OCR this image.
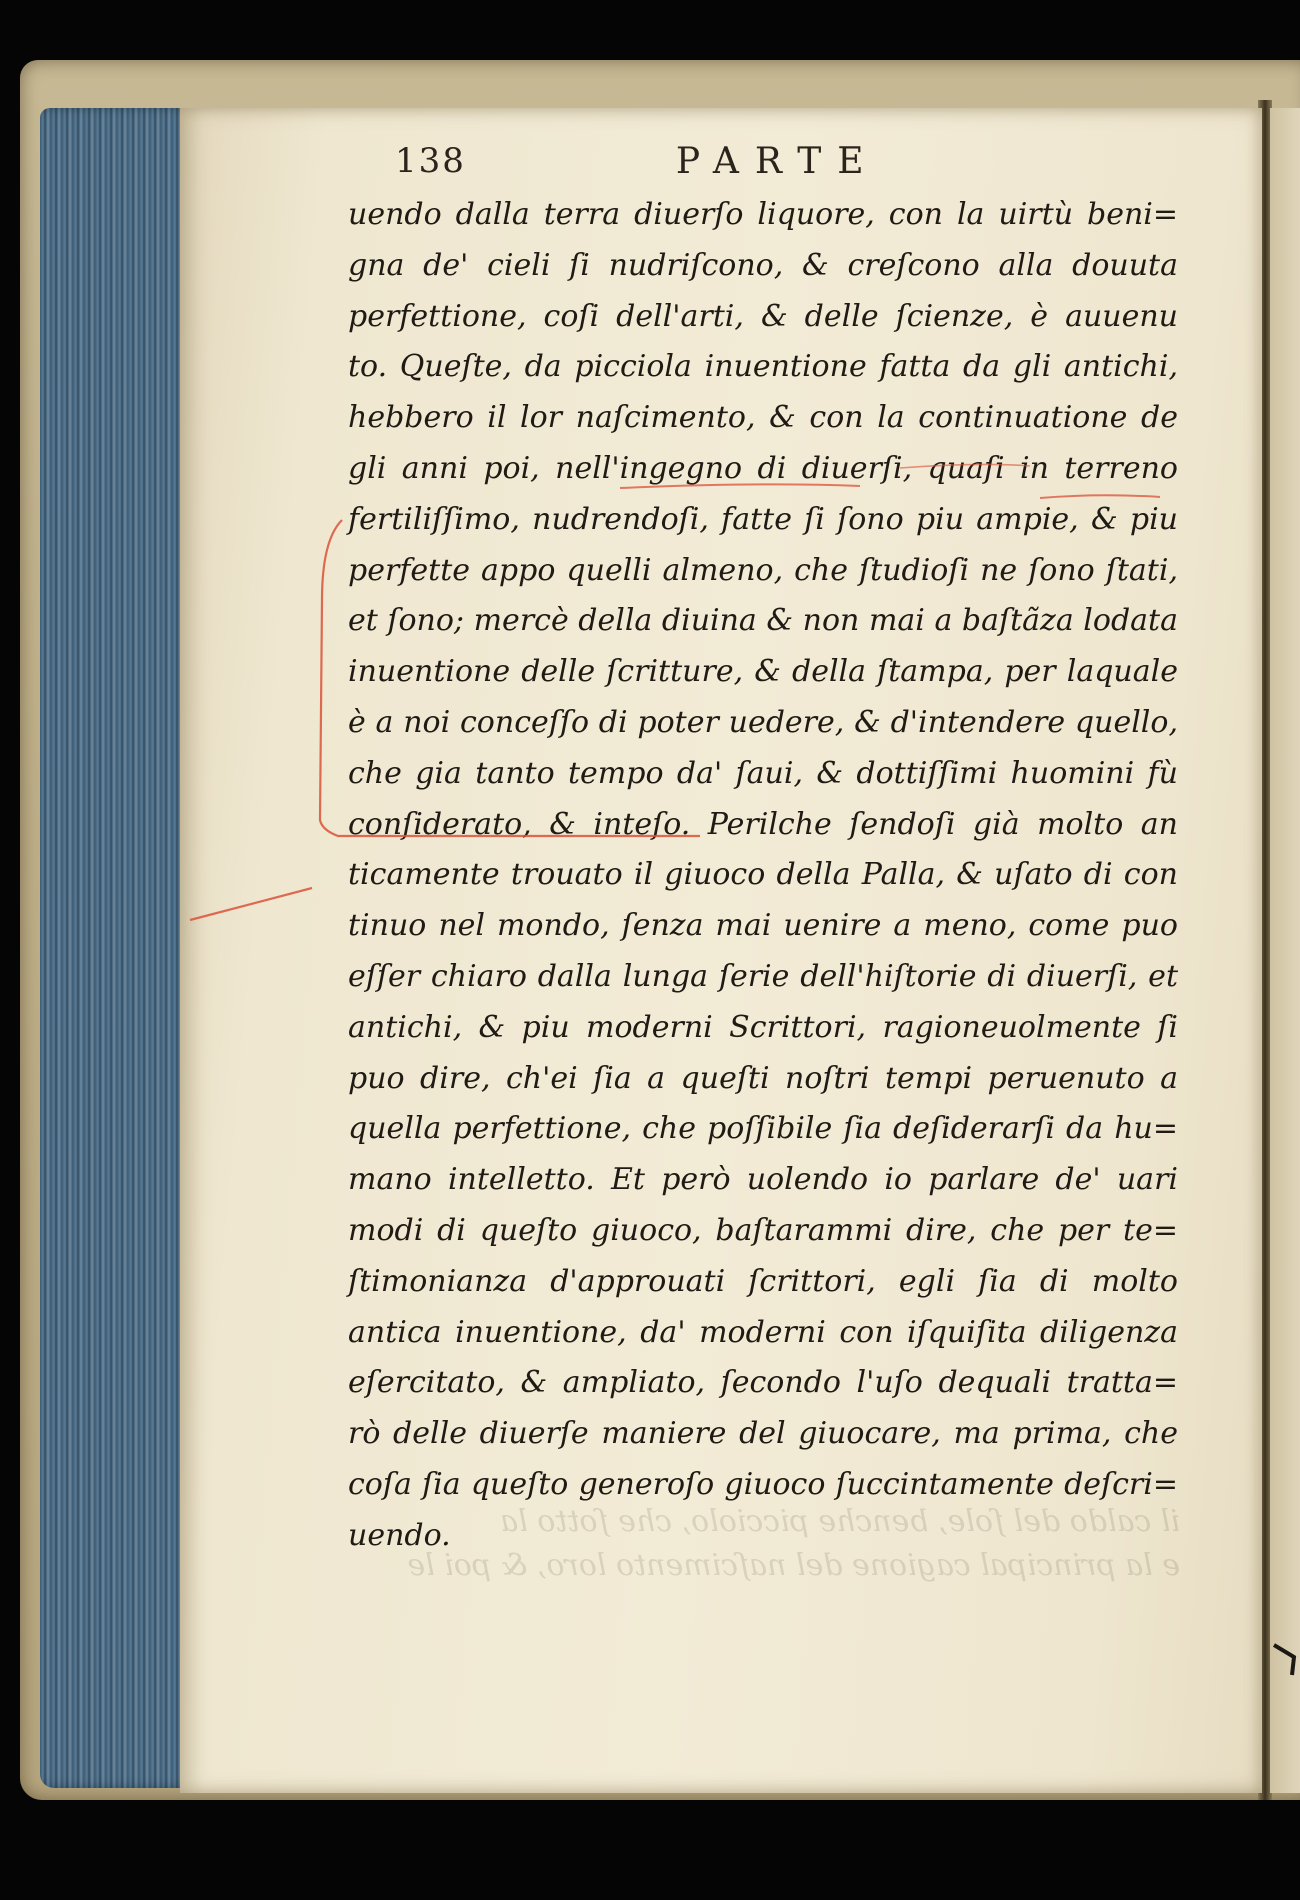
il caldo del ſole, benche picciolo, che ſotto la
e la principal cagione del naſcimento loro, & poi le
138	PARTE
uendo dalla terra diuerſo liquore, con la uirtù beni=
gna de' cieli ſi nudriſcono, & creſcono alla douuta
perfettione, coſi dell'arti, & delle ſcienze, è auuenu
to. Queſte, da picciola inuentione fatta da gli antichi,
hebbero il lor naſcimento, & con la continuatione de
gli anni poi, nell'ingegno di diuerſi, quaſi in terreno
fertiliſſimo, nudrendoſi, fatte ſi ſono piu ampie, & piu
perfette appo quelli almeno, che ſtudioſi ne ſono ſtati,
et ſono; mercè della diuina & non mai a baſtãza lodata
inuentione delle ſcritture, & della ſtampa, per laquale
è a noi conceſſo di poter uedere, & d'intendere quello,
che gia tanto tempo da' ſaui, & dottiſſimi huomini fù
conſiderato, & inteſo. Perilche ſendoſi già molto an
ticamente trouato il giuoco della Palla, & uſato di con
tinuo nel mondo, ſenza mai uenire a meno, come puo
eſſer chiaro dalla lunga ſerie dell'hiſtorie di diuerſi, et
antichi, & piu moderni Scrittori, ragioneuolmente ſi
puo dire, ch'ei ſia a queſti noſtri tempi peruenuto a
quella perfettione, che poſſibile ſia deſiderarſi da hu=
mano intelletto. Et però uolendo io parlare de' uari
modi di queſto giuoco, baſtarammi dire, che per te=
ſtimonianza d'approuati ſcrittori, egli ſia di molto
antica inuentione, da' moderni con iſquiſita diligenza
eſercitato, & ampliato, ſecondo l'uſo dequali tratta=
rò delle diuerſe maniere del giuocare, ma prima, che
coſa ſia queſto generoſo giuoco ſuccintamente deſcri=
uendo.
